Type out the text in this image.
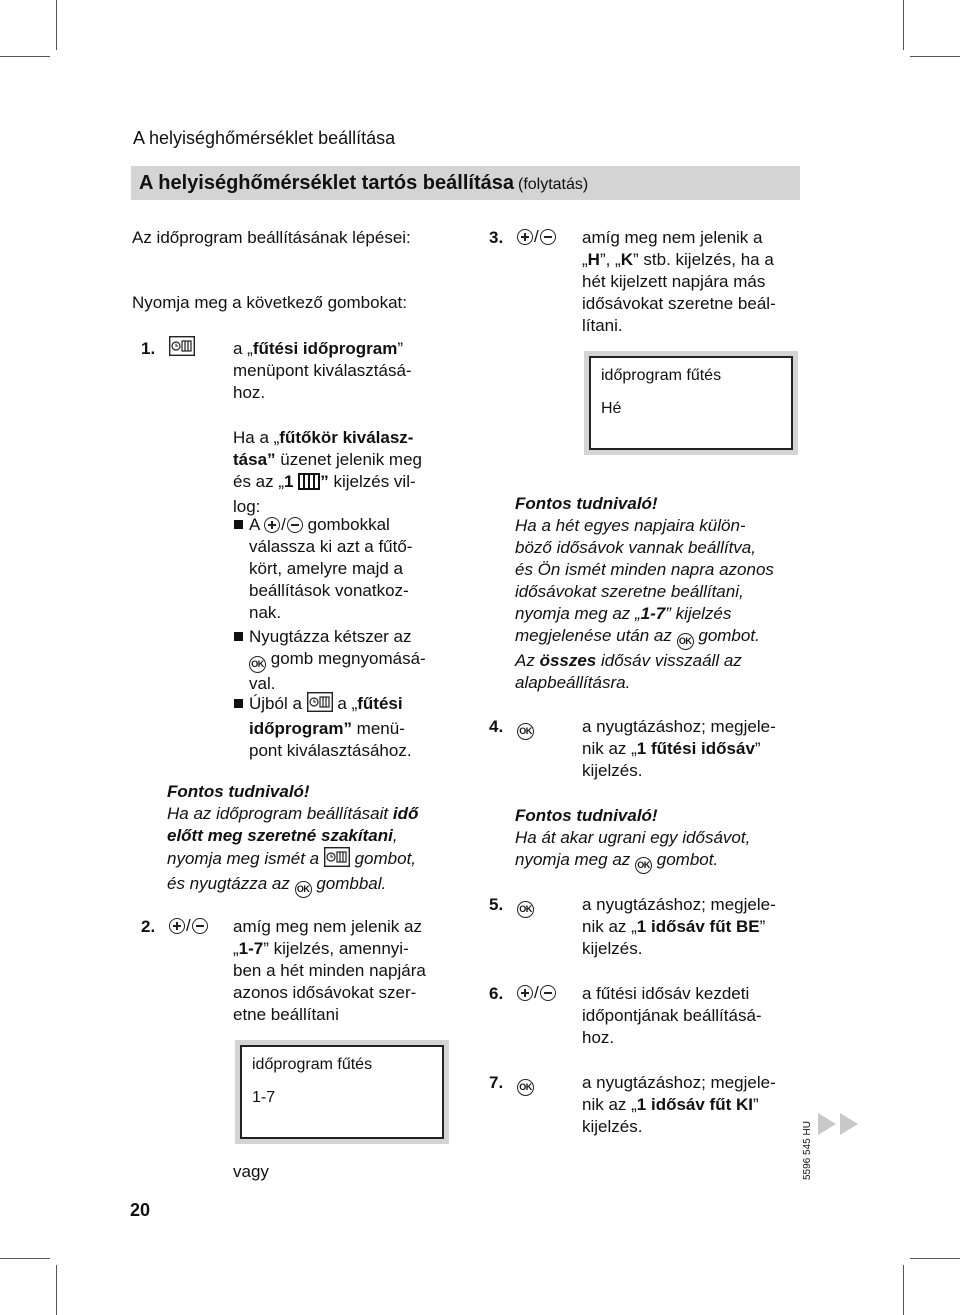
A helyiséghőmérséklet beállítása
A helyiséghőmérséklet tartós beállítása (folytatás)
Az időprogram beállításának lépései:
Nyomja meg a következő gombokat:
1.	a „fűtési időprogram”
menüpont kiválasztásá-
hoz.
Ha a „fűtőkör kiválasz-
tása” üzenet jelenik meg
és az „1 ” kijelzés vil-
log:
A / gombokkal
válassza ki azt a fűtő-
kört, amelyre majd a
beállítások vonatkoz-
nak.
Nyugtázza kétszer az
OK gomb megnyomásá-
val.
Újból a a „fűtési
időprogram” menü-
pont kiválasztásához.
Fontos tudnivaló!
Ha az időprogram beállításait idő
előtt meg szeretné szakítani,
nyomja meg ismét a gombot,
és nyugtázza az OK gombbal.
2.	/	amíg meg nem jelenik az
„1-7” kijelzés, amennyi-
ben a hét minden napjára
azonos idősávokat szer-
etne beállítani
időprogram fűtés
1-7
vagy
3.	/	amíg meg nem jelenik a
„H”, „K” stb. kijelzés, ha a
hét kijelzett napjára más
idősávokat szeretne beál-
lítani.
időprogram fűtés
Hé
Fontos tudnivaló!
Ha a hét egyes napjaira külön-
böző idősávok vannak beállítva,
és Ön ismét minden napra azonos
idősávokat szeretne beállítani,
nyomja meg az „1-7” kijelzés
megjelenése után az OK gombot.
Az összes idősáv visszaáll az
alapbeállításra.
4. OK	a nyugtázáshoz; megjele-
nik az „1 fűtési idősáv”
kijelzés.
Fontos tudnivaló!
Ha át akar ugrani egy idősávot,
nyomja meg az OK gombot.
5. OK	a nyugtázáshoz; megjele-
nik az „1 idősáv fűt BE”
kijelzés.
6.	/	a fűtési idősáv kezdeti
időpontjának beállításá-
hoz.
7. OK	a nyugtázáshoz; megjele-
nik az „1 idősáv fűt KI”
kijelzés.	5596 545 HU
20
